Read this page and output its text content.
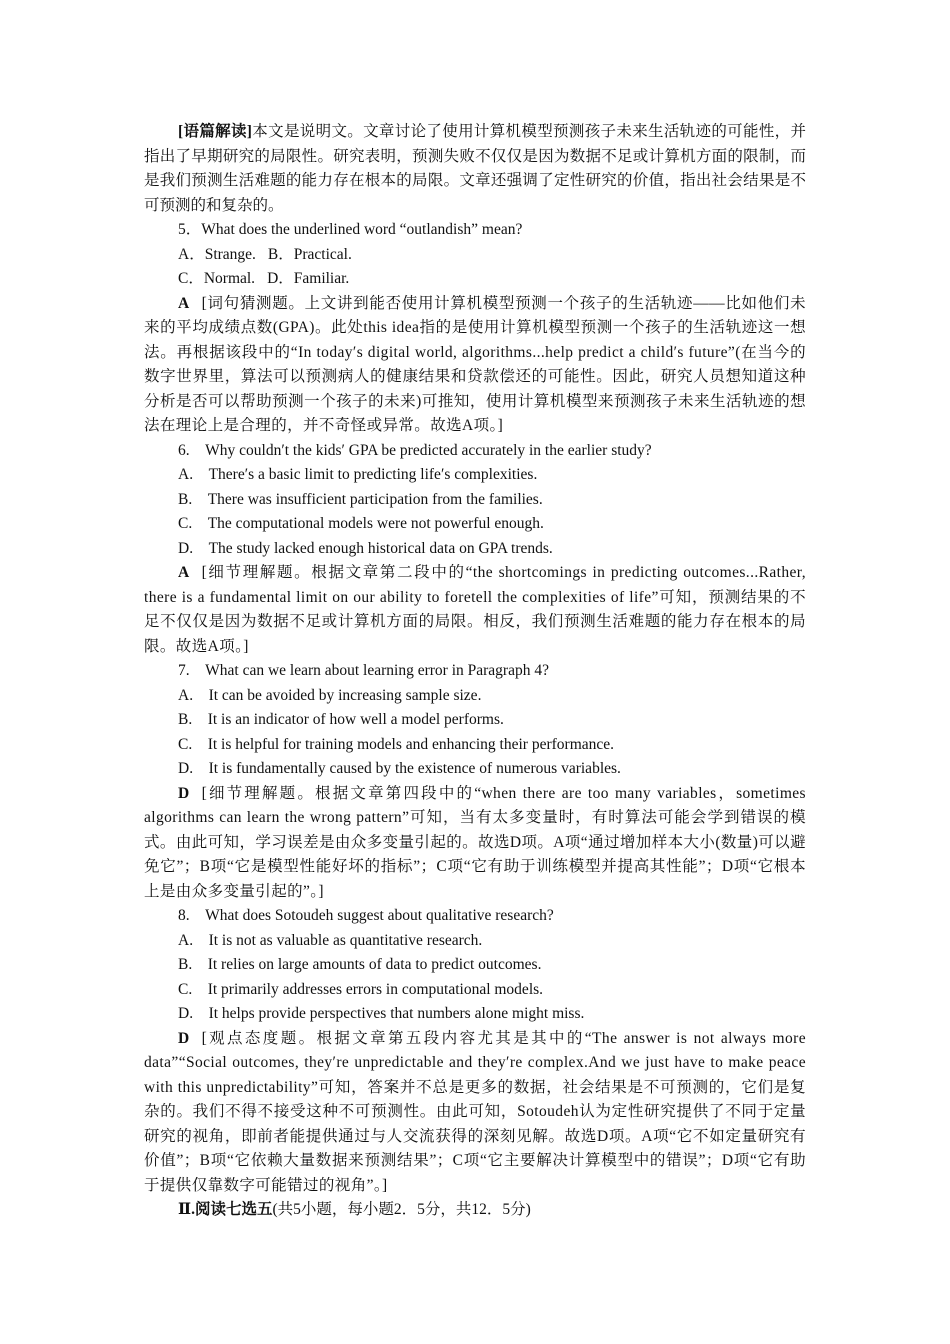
[语篇解读]本文是说明文。文章讨论了使用计算机模型预测孩子未来生活轨迹的可能性，并指出了早期研究的局限性。研究表明，预测失败不仅仅是因为数据不足或计算机方面的限制，而是我们预测生活难题的能力存在根本的局限。文章还强调了定性研究的价值，指出社会结果是不可预测的和复杂的。

5．What does the underlined word “outlandish” mean?

A．Strange. B．Practical.

C．Normal. D．Familiar.

A [词句猜测题。上文讲到能否使用计算机模型预测一个孩子的生活轨迹——比如他们未来的平均成绩点数(GPA)。此处this idea指的是使用计算机模型预测一个孩子的生活轨迹这一想法。再根据该段中的“In today′s digital world, algorithms...help predict a child′s future”(在当今的数字世界里，算法可以预测病人的健康结果和贷款偿还的可能性。因此，研究人员想知道这种分析是否可以帮助预测一个孩子的未来)可推知，使用计算机模型来预测孩子未来生活轨迹的想法在理论上是合理的，并不奇怪或异常。故选A项。]

6.　Why couldn′t the kids′ GPA be predicted accurately in the earlier study?

A.　There′s a basic limit to predicting life′s complexities.

B.　There was insufficient participation from the families.

C.　The computational models were not powerful enough.

D.　The study lacked enough historical data on GPA trends.

A [细节理解题。根据文章第二段中的“the shortcomings in predicting outcomes...Rather, there is a fundamental limit on our ability to foretell the complexities of life”可知，预测结果的不足不仅仅是因为数据不足或计算机方面的局限。相反，我们预测生活难题的能力存在根本的局限。故选A项。]

7.　What can we learn about learning error in Paragraph 4?

A.　It can be avoided by increasing sample size.

B.　It is an indicator of how well a model performs.

C.　It is helpful for training models and enhancing their performance.

D.　It is fundamentally caused by the existence of numerous variables.

D [细节理解题。根据文章第四段中的“when there are too many variables，sometimes algorithms can learn the wrong pattern”可知，当有太多变量时，有时算法可能会学到错误的模式。由此可知，学习误差是由众多变量引起的。故选D项。A项“通过增加样本大小(数量)可以避免它”；B项“它是模型性能好坏的指标”；C项“它有助于训练模型并提高其性能”；D项“它根本上是由众多变量引起的”。]

8.　What does Sotoudeh suggest about qualitative research?

A.　It is not as valuable as quantitative research.

B.　It relies on large amounts of data to predict outcomes.

C.　It primarily addresses errors in computational models.

D.　It helps provide perspectives that numbers alone might miss.

D [观点态度题。根据文章第五段内容尤其是其中的“The answer is not always more data”“Social outcomes, they′re unpredictable and they′re complex.And we just have to make peace with this unpredictability”可知，答案并不总是更多的数据，社会结果是不可预测的，它们是复杂的。我们不得不接受这种不可预测性。由此可知，Sotoudeh认为定性研究提供了不同于定量研究的视角，即前者能提供通过与人交流获得的深刻见解。故选D项。A项“它不如定量研究有价值”；B项“它依赖大量数据来预测结果”；C项“它主要解决计算模型中的错误”；D项“它有助于提供仅靠数字可能错过的视角”。]

Ⅱ.阅读七选五(共5小题，每小题2．5分，共12．5分)
